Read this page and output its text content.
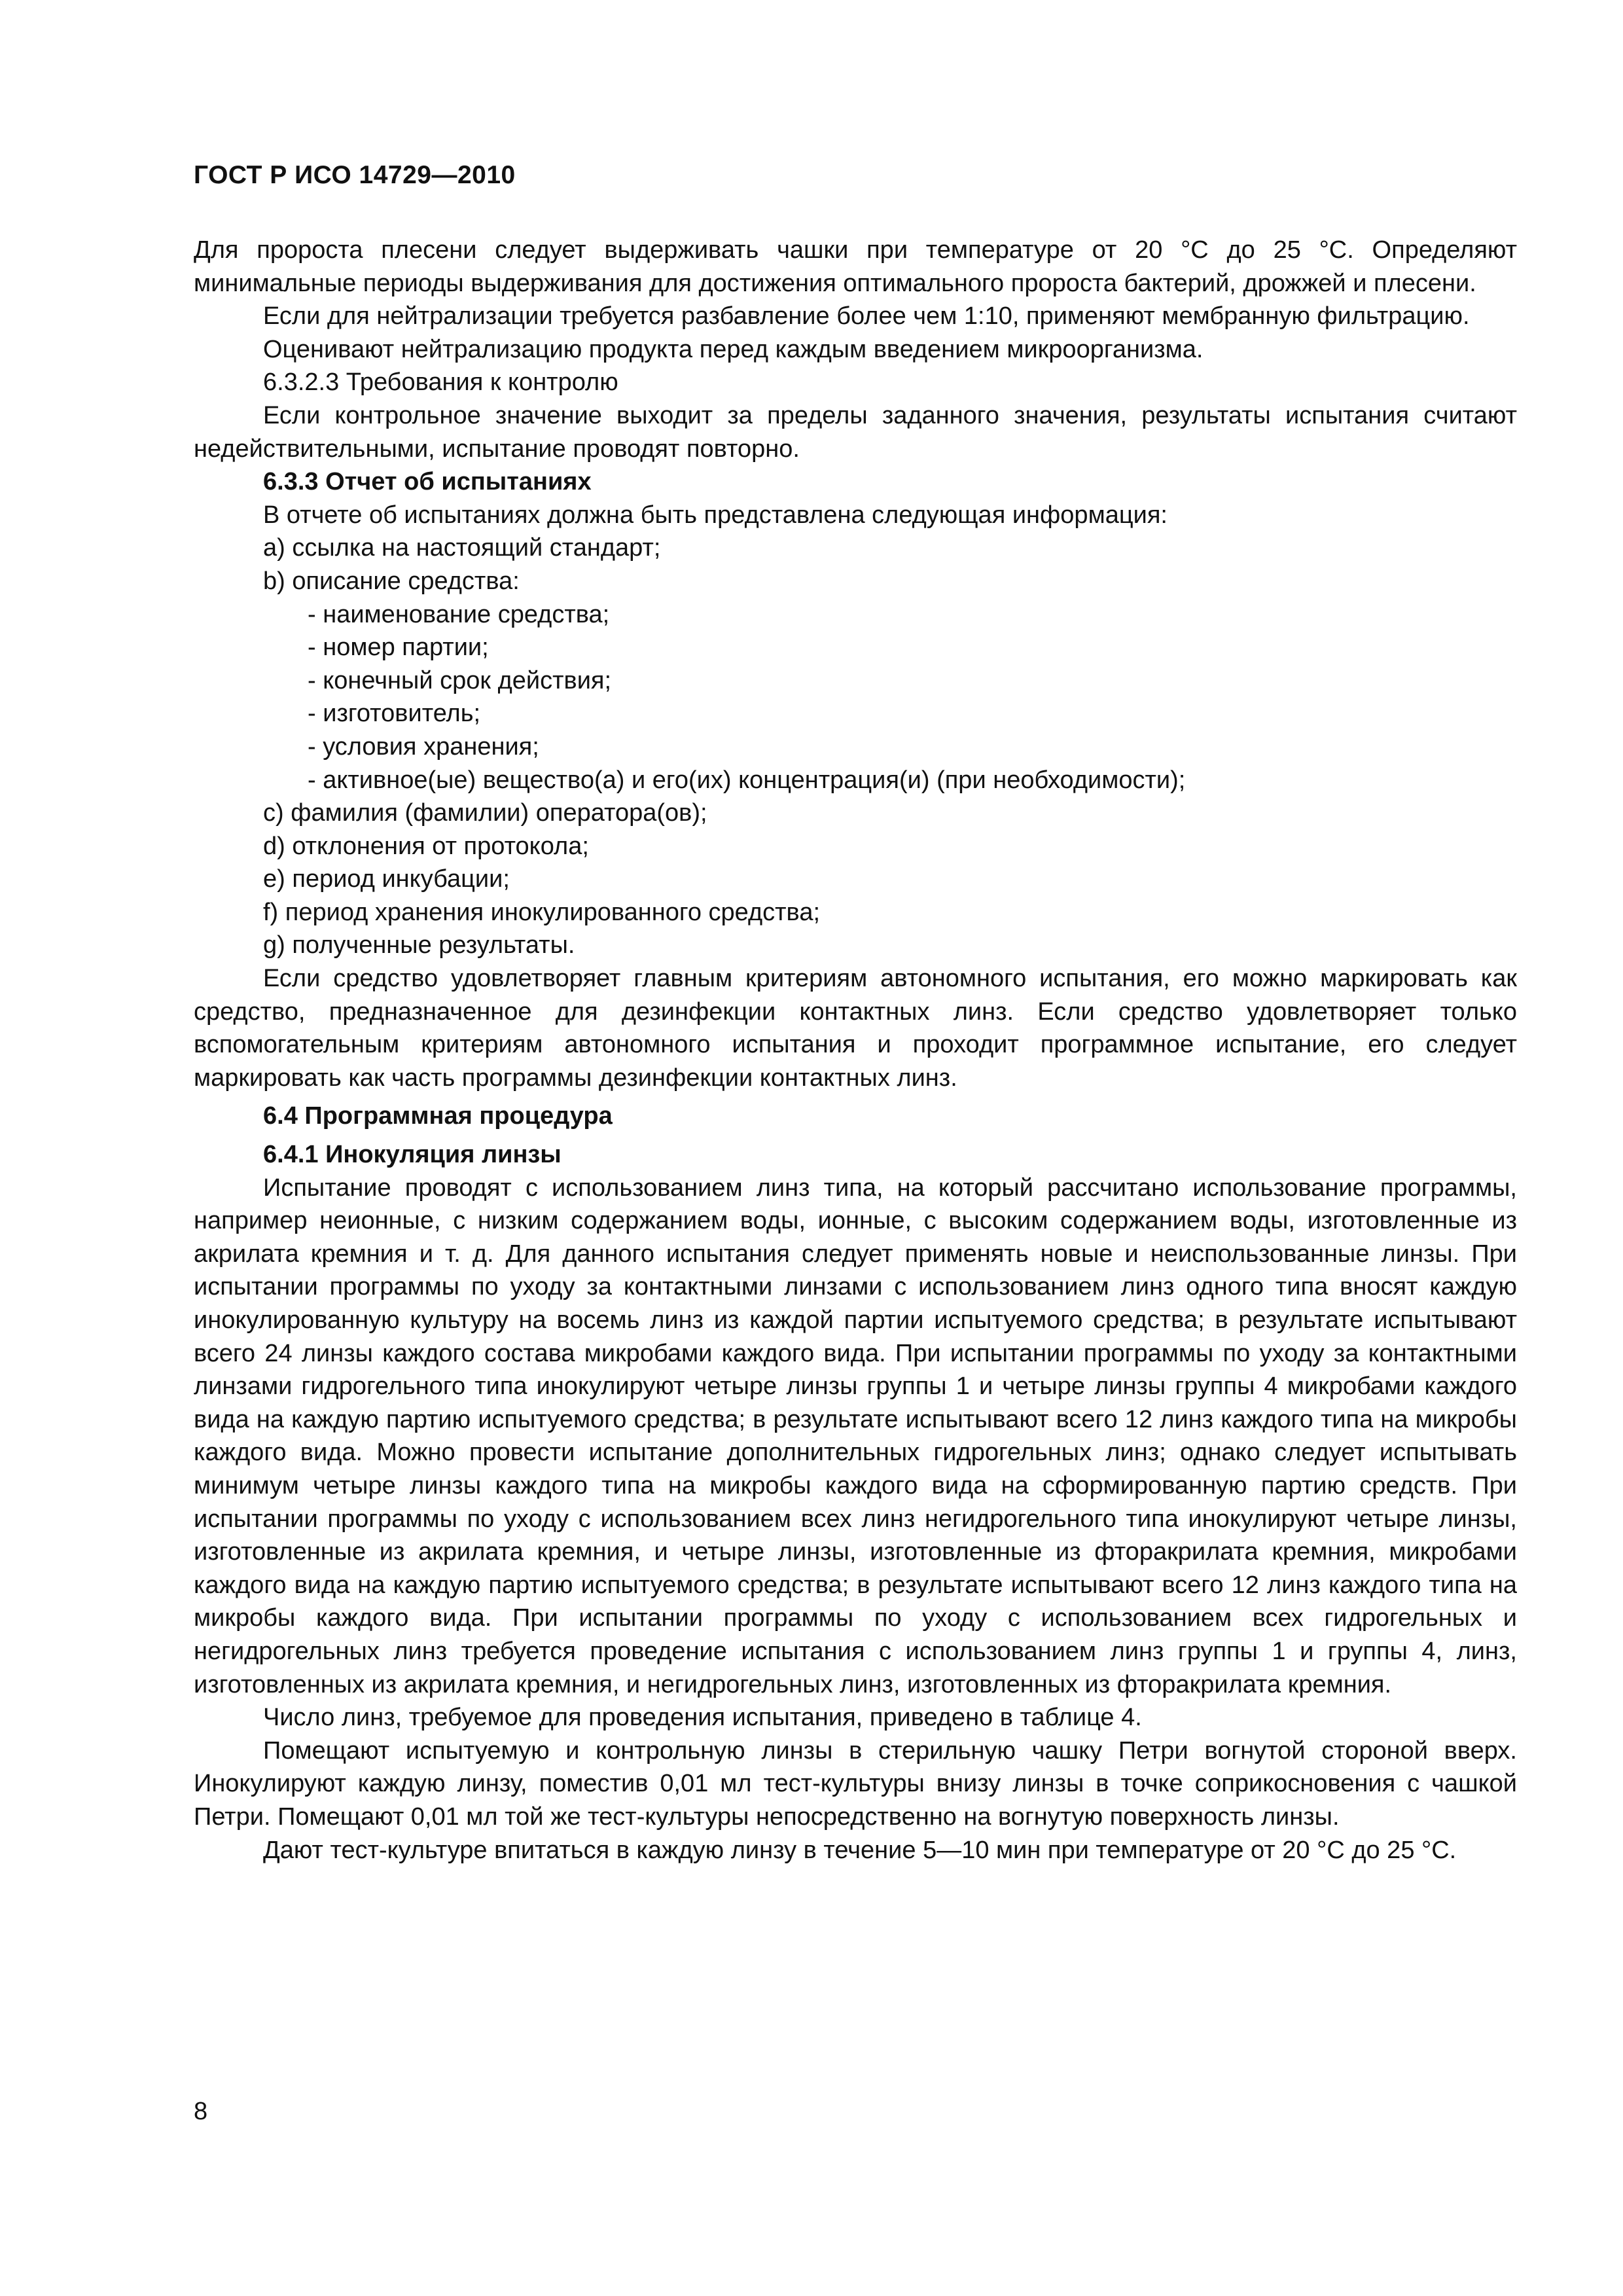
ГОСТ Р ИСО 14729—2010

Для пророста плесени следует выдерживать чашки при температуре от 20 °С до 25 °С. Определяют минимальные периоды выдерживания для достижения оптимального пророста бактерий, дрожжей и плесени.

Если для нейтрализации требуется разбавление более чем 1:10, применяют мембранную фильтрацию.

Оценивают нейтрализацию продукта перед каждым введением микроорганизма.

6.3.2.3 Требования к контролю

Если контрольное значение выходит за пределы заданного значения, результаты испытания считают недействительными, испытание проводят повторно.

6.3.3 Отчет об испытаниях

В отчете об испытаниях должна быть представлена следующая информация:

a) ссылка на настоящий стандарт;

b) описание средства:

- наименование средства;

- номер партии;

- конечный срок действия;

- изготовитель;

- условия хранения;

- активное(ые) вещество(а) и его(их) концентрация(и) (при необходимости);

c) фамилия (фамилии) оператора(ов);

d) отклонения от протокола;

e) период инкубации;

f) период хранения инокулированного средства;

g) полученные результаты.

Если средство удовлетворяет главным критериям автономного испытания, его можно маркировать как средство, предназначенное для дезинфекции контактных линз. Если средство удовлетворяет только вспомогательным критериям автономного испытания и проходит программное испытание, его следует маркировать как часть программы дезинфекции контактных линз.

6.4 Программная процедура

6.4.1 Инокуляция линзы

Испытание проводят с использованием линз типа, на который рассчитано использование программы, например неионные, с низким содержанием воды, ионные, с высоким содержанием воды, изготовленные из акрилата кремния и т. д. Для данного испытания следует применять новые и неиспользованные линзы. При испытании программы по уходу за контактными линзами с использованием линз одного типа вносят каждую инокулированную культуру на восемь линз из каждой партии испытуемого средства; в результате испытывают всего 24 линзы каждого состава микробами каждого вида. При испытании программы по уходу за контактными линзами гидрогельного типа инокулируют четыре линзы группы 1 и четыре линзы группы 4 микробами каждого вида на каждую партию испытуемого средства; в результате испытывают всего 12 линз каждого типа на микробы каждого вида. Можно провести испытание дополнительных гидрогельных линз; однако следует испытывать минимум четыре линзы каждого типа на микробы каждого вида на сформированную партию средств. При испытании программы по уходу с использованием всех линз негидрогельного типа инокулируют четыре линзы, изготовленные из акрилата кремния, и четыре линзы, изготовленные из фторакрилата кремния, микробами каждого вида на каждую партию испытуемого средства; в результате испытывают всего 12 линз каждого типа на микробы каждого вида. При испытании программы по уходу с использованием всех гидрогельных и негидрогельных линз требуется проведение испытания с использованием линз группы 1 и группы 4, линз, изготовленных из акрилата кремния, и негидрогельных линз, изготовленных из фторакрилата кремния.

Число линз, требуемое для проведения испытания, приведено в таблице 4.

Помещают испытуемую и контрольную линзы в стерильную чашку Петри вогнутой стороной вверх. Инокулируют каждую линзу, поместив 0,01 мл тест-культуры внизу линзы в точке соприкосновения с чашкой Петри. Помещают 0,01 мл той же тест-культуры непосредственно на вогнутую поверхность линзы.

Дают тест-культуре впитаться в каждую линзу в течение 5—10 мин при температуре от 20 °С до 25 °С.

8
